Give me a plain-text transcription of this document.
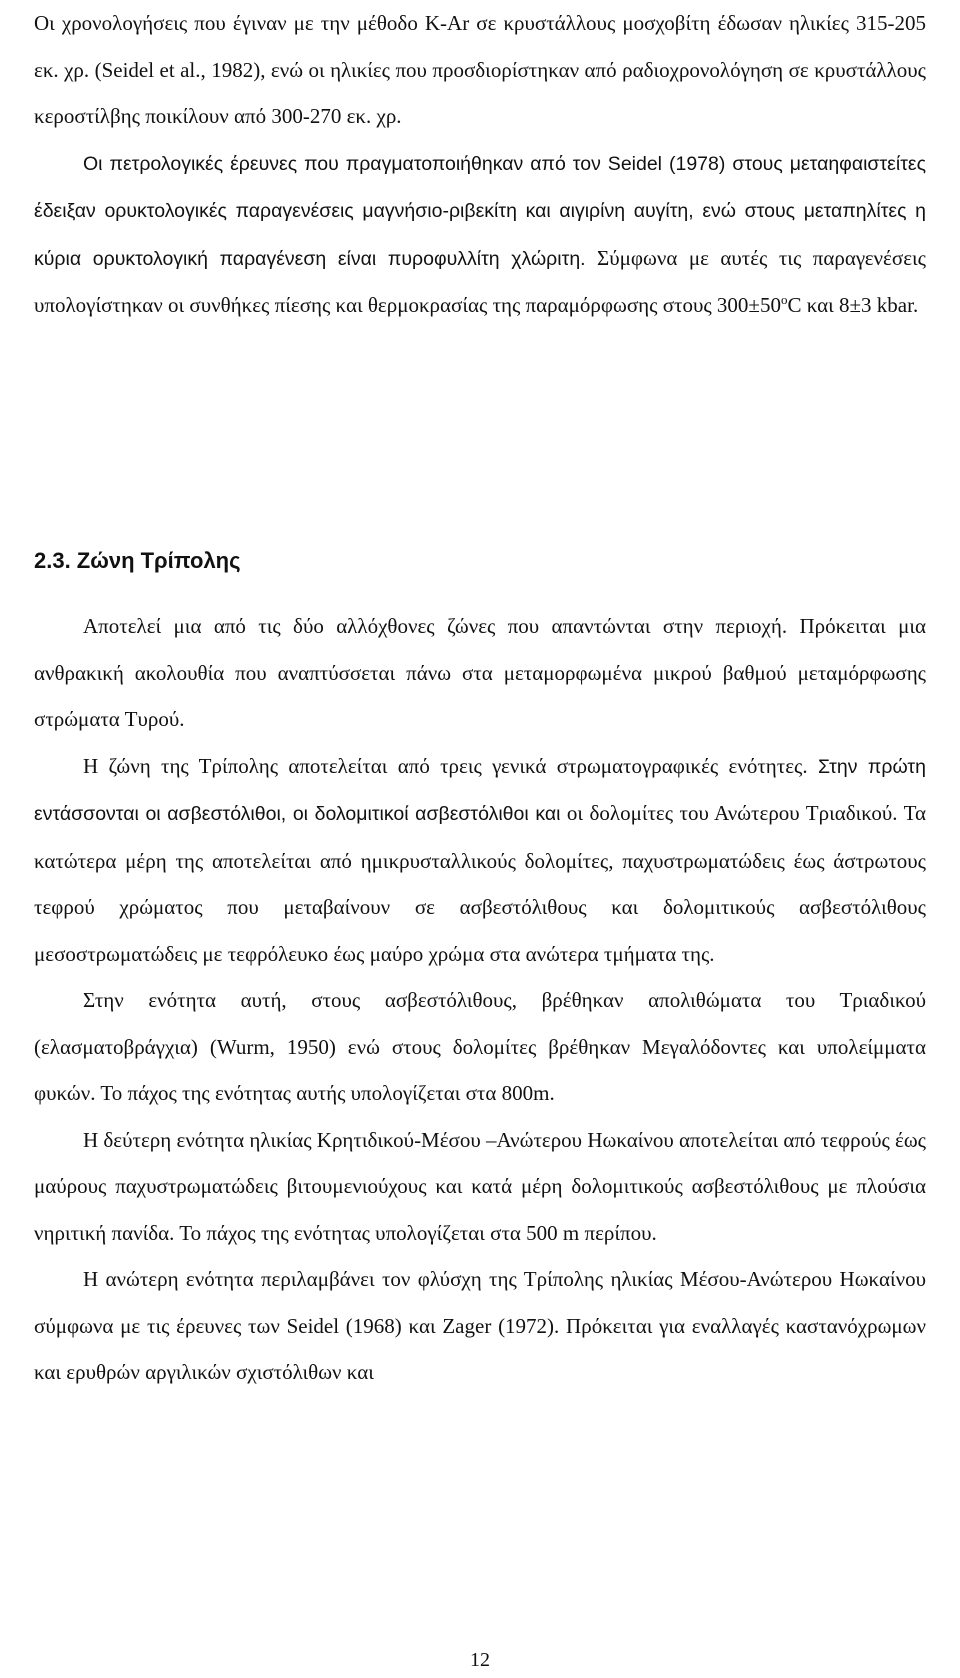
Οι χρονολογήσεις που έγιναν με την μέθοδο K-Ar σε κρυστάλλους μοσχοβίτη έδωσαν ηλικίες 315-205 εκ. χρ. (Seidel et al., 1982), ενώ οι ηλικίες που προσδιορίστηκαν από ραδιοχρονολόγηση σε κρυστάλλους κεροστίλβης ποικίλουν από 300-270 εκ. χρ.

Οι πετρολογικές έρευνες που πραγματοποιήθηκαν από τον Seidel (1978) στους μεταηφαιστείτες έδειξαν ορυκτολογικές παραγενέσεις μαγνήσιο-ριβεκίτη και αιγιρίνη αυγίτη, ενώ στους μεταπηλίτες η κύρια ορυκτολογική παραγένεση είναι πυροφυλλίτη χλώριτη. Σύμφωνα με αυτές τις παραγενέσεις υπολογίστηκαν οι συνθήκες πίεσης και θερμοκρασίας της παραμόρφωσης στους $300\pm 50^oC$ και 8±3 kbar.

2.3. Ζώνη Τρίπολης

Αποτελεί μια από τις δύο αλλόχθονες ζώνες που απαντώνται στην περιοχή. Πρόκειται μια ανθρακική ακολουθία που αναπτύσσεται πάνω στα μεταμορφωμένα μικρού βαθμού μεταμόρφωσης στρώματα Τυρού.

Η ζώνη της Τρίπολης αποτελείται από τρεις γενικά στρωματογραφικές ενότητες. Στην πρώτη εντάσσονται οι ασβεστόλιθοι, οι δολομιτικοί ασβεστόλιθοι και οι δολομίτες του Ανώτερου Τριαδικού. Τα κατώτερα μέρη της αποτελείται από ημικρυσταλλικούς δολομίτες, παχυστρωματώδεις έως άστρωτους τεφρού χρώματος που μεταβαίνουν σε ασβεστόλιθους και δολομιτικούς ασβεστόλιθους μεσοστρωματώδεις με τεφρόλευκο έως μαύρο χρώμα στα ανώτερα τμήματα της.

Στην ενότητα αυτή, στους ασβεστόλιθους, βρέθηκαν απολιθώματα του Τριαδικού (ελασματοβράγχια) (Wurm, 1950) ενώ στους δολομίτες βρέθηκαν Μεγαλόδοντες και υπολείμματα φυκών. Το πάχος της ενότητας αυτής υπολογίζεται στα 800m.

Η δεύτερη ενότητα ηλικίας Κρητιδικού-Μέσου –Ανώτερου Ηωκαίνου αποτελείται από τεφρούς έως μαύρους παχυστρωματώδεις βιτουμενιούχους και κατά μέρη δολομιτικούς ασβεστόλιθους με πλούσια νηριτική πανίδα. Το πάχος της ενότητας υπολογίζεται στα 500 m περίπου.

Η ανώτερη ενότητα περιλαμβάνει τον φλύσχη της Τρίπολης ηλικίας Μέσου-Ανώτερου Ηωκαίνου σύμφωνα με τις έρευνες των Seidel (1968) και Zager (1972). Πρόκειται για εναλλαγές καστανόχρωμων και ερυθρών αργιλικών σχιστόλιθων και

12
